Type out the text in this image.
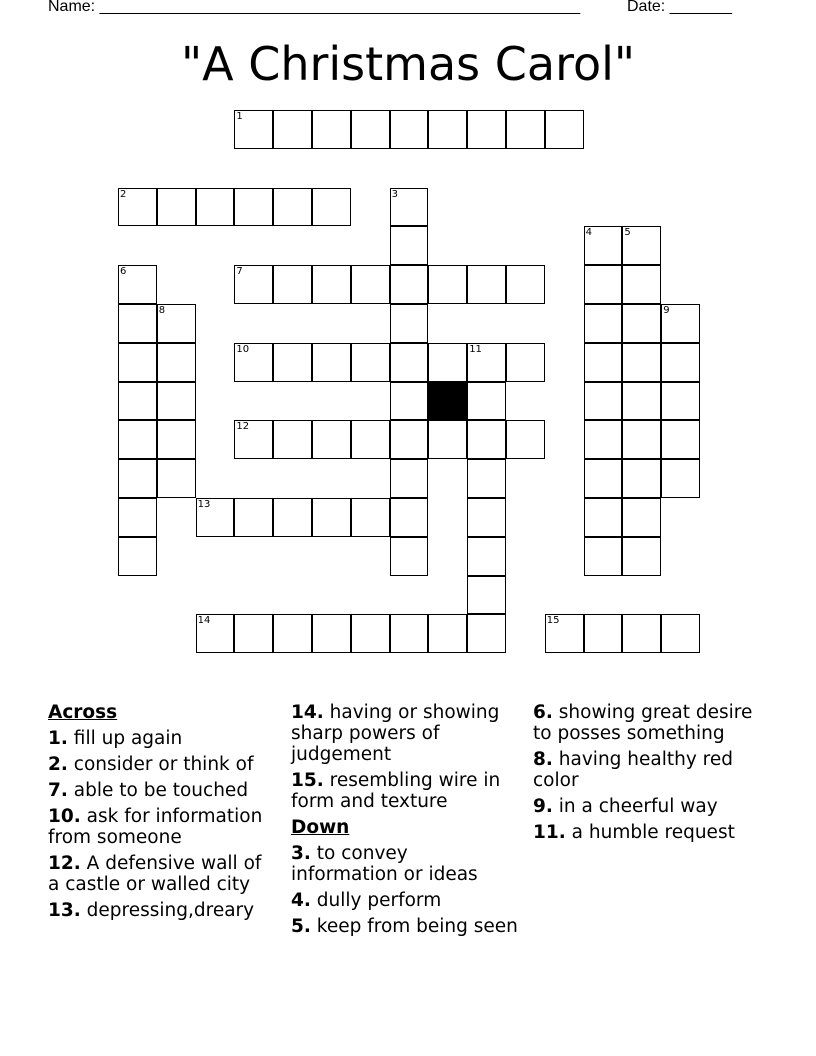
Name: ______________________________________________________	Date: _______
"A Christmas Carol"
1
2	3
4	5
6	7
8	9
10	11
12
13
14	15
Across
1. fill up again
2. consider or think of
7. able to be touched
10. ask for information from someone
12. A defensive wall of a castle or walled city
13. depressing,dreary
14. having or showing sharp powers of judgement
15. resembling wire in form and texture
Down
3. to convey information or ideas
4. dully perform
5. keep from being seen
6. showing great desire to posses something
8. having healthy red color
9. in a cheerful way
11. a humble request
